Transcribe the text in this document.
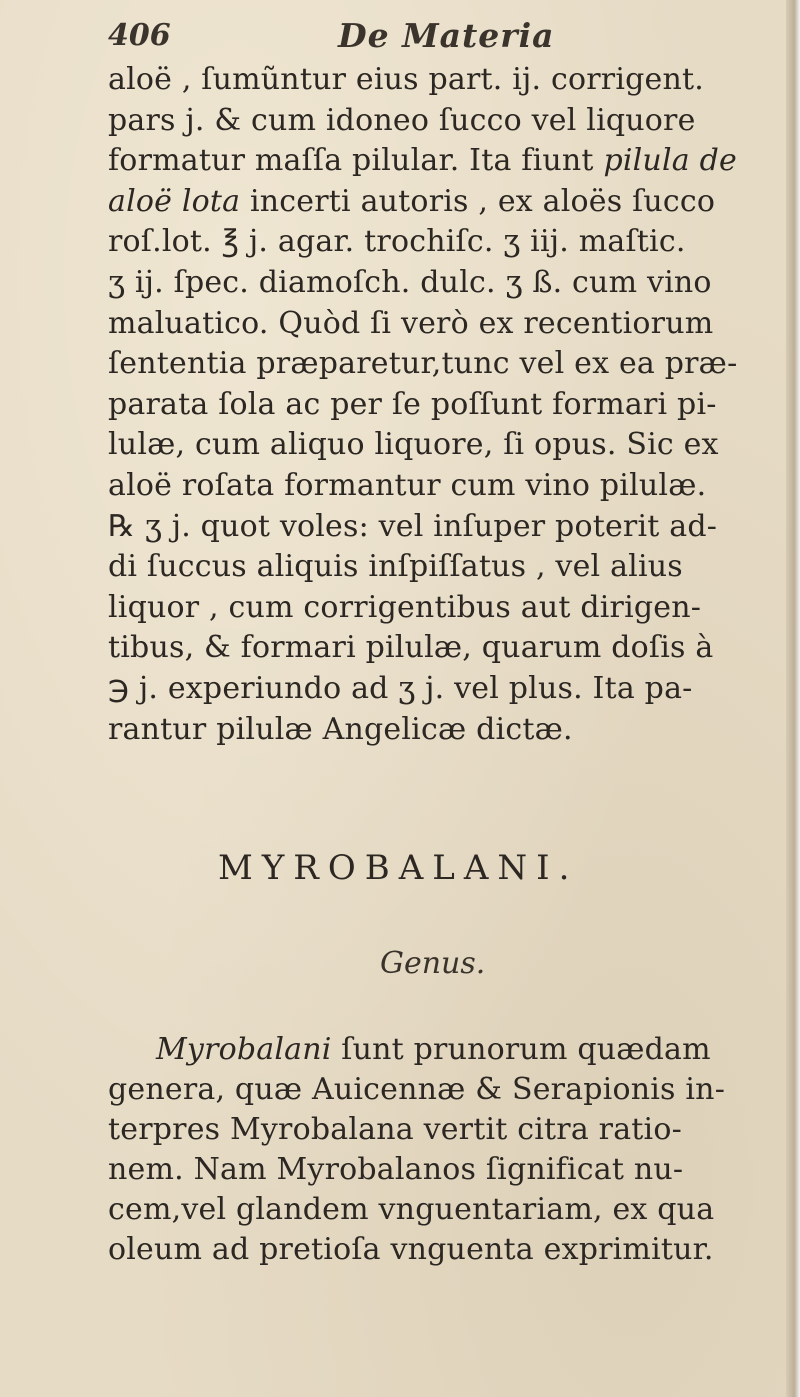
406	De Materia
aloë , ſumũntur eius part. ij. corrigent.
pars j. & cum idoneo ſucco vel liquore
formatur maſſa pilular. Ita fiunt pilula de
aloë lota incerti autoris , ex aloës ſucco
roſ.lot. ℥ j. agar. trochiſc. ʒ iij. maſtic.
ʒ ij. ſpec. diamoſch. dulc. ʒ ß. cum vino
maluatico. Quòd ſi verò ex recentiorum
ſententia præparetur,tunc vel ex ea præ-
parata ſola ac per ſe poſſunt formari pi-
lulæ, cum aliquo liquore, ſi opus. Sic ex
aloë roſata formantur cum vino pilulæ.
℞ ʒ j. quot voles: vel inſuper poterit ad-
di ſuccus aliquis inſpiſſatus , vel alius
liquor , cum corrigentibus aut dirigen-
tibus, & formari pilulæ, quarum doſis à
℈ j. experiundo ad ʒ j. vel plus. Ita pa-
rantur pilulæ Angelicæ dictæ.
MYROBALANI.
Genus.
Myrobalani ſunt prunorum quædam
genera, quæ Auicennæ & Serapionis in-
terpres Myrobalana vertit citra ratio-
nem. Nam Myrobalanos ſignificat nu-
cem,vel glandem vnguentariam, ex qua
oleum ad pretioſa vnguenta exprimitur.
